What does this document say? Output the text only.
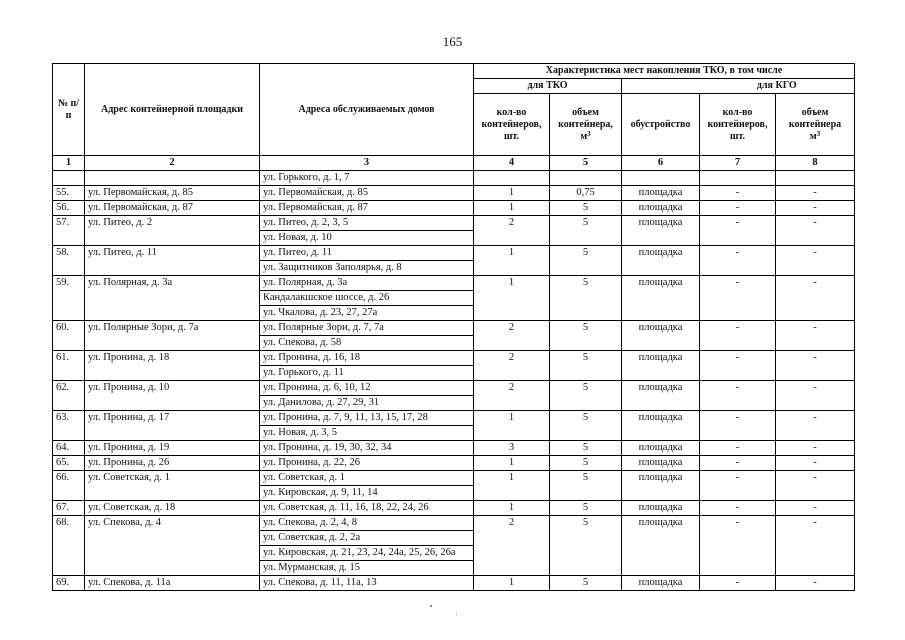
165
№ п/п	Адрес контейнерной площадки	Адреса обслуживаемых домов	Характеристика мест накопления ТКО, в том числе				
			для ТКО			для КГО	
			кол-во контейнеров, шт.	объем контейнера, $м^3$	обустройство	кол-во контейнеров, шт.	объем контейнера
$м^3$
1	2	3	4	5	6	7	8
		ул. Горького, д. 1, 7					
55.	ул. Первомайская, д. 85	ул. Первомайская, д. 85	1	0,75	площадка	-	-
56.	ул. Первомайская, д. 87	ул. Первомайская, д. 87	1	5	площадка	-	-
57.	ул. Питео, д. 2	ул. Питео, д. 2, 3, 5	2	5	площадка	-	-
		ул. Новая, д. 10					
58.	ул. Питео, д. 11	ул. Питео, д. 11	1	5	площадка	-	-
		ул. Защитников Заполярья, д. 8					
59.	ул. Полярная, д. 3а	ул. Полярная, д. 3а	1	5	площадка	-	-
		Кандалакшское шоссе, д. 26					
		ул. Чкалова, д. 23, 27, 27а					
60.	ул. Полярные Зори, д. 7а	ул. Полярные Зори, д. 7, 7а	2	5	площадка	-	-
		ул. Спекова, д. 58					
61.	ул. Пронина, д. 18	ул. Пронина, д. 16, 18	2	5	площадка	-	-
		ул. Горького, д. 11					
62.	ул. Пронина, д. 10	ул. Пронина, д. 6, 10, 12	2	5	площадка	-	-
		ул. Данилова, д. 27, 29, 31					
63.	ул. Пронина, д. 17	ул. Пронина, д. 7, 9, 11, 13, 15, 17, 28	1	5	площадка	-	-
		ул. Новая, д. 3, 5					
64.	ул. Пронина, д. 19	ул. Пронина, д. 19, 30, 32, 34	3	5	площадка	-	-
65.	ул. Пронина, д. 26	ул. Пронина, д. 22, 26	1	5	площадка	-	-
66.	ул. Советская, д. 1	ул. Советская, д. 1	1	5	площадка	-	-
		ул. Кировская, д. 9, 11, 14					
67.	ул. Советская, д. 18	ул. Советская, д. 11, 16, 18, 22, 24, 26	1	5	площадка	-	-
68.	ул. Спекова, д. 4	ул. Спекова, д. 2, 4, 8	2	5	площадка	-	-
		ул. Советская, д. 2, 2а					
		ул. Кировская, д. 21, 23, 24, 24а, 25, 26, 26а					
		ул. Мурманская, д. 15					
69.	ул. Спекова, д. 11а	ул. Спекова, д. 11, 11а, 13	1	5	площадка	-	-
